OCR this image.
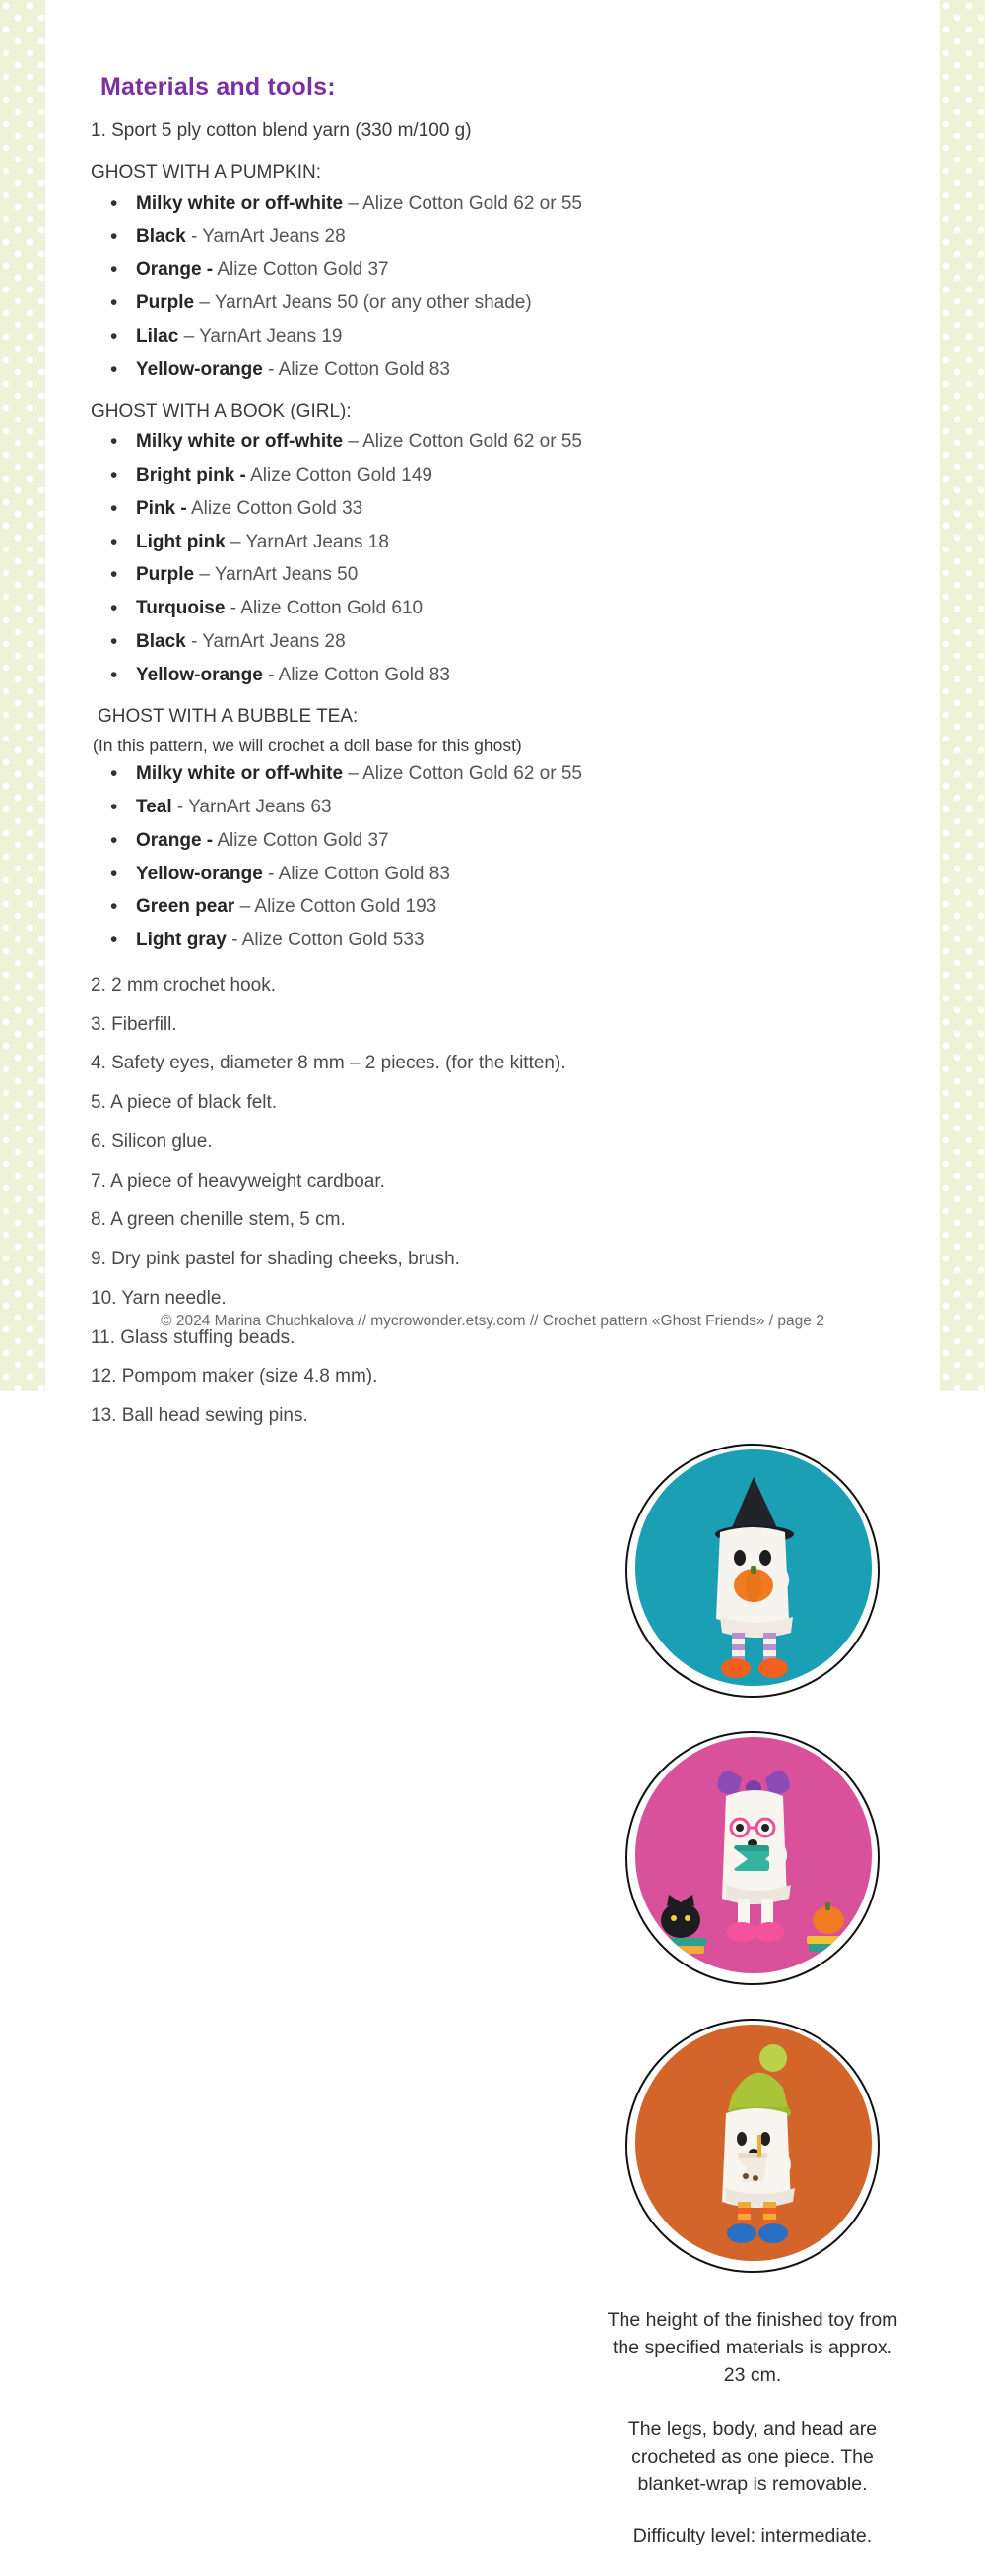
Materials and tools:
1. Sport 5 ply cotton blend yarn (330 m/100 g)
GHOST WITH A PUMPKIN:
• Milky white or off-white – Alize Cotton Gold 62 or 55
• Black - YarnArt Jeans 28
• Orange - Alize Cotton Gold 37
• Purple – YarnArt Jeans 50 (or any other shade)
• Lilac – YarnArt Jeans 19
• Yellow-orange - Alize Cotton Gold 83
GHOST WITH A BOOK (GIRL):
• Milky white or off-white – Alize Cotton Gold 62 or 55
• Bright pink - Alize Cotton Gold 149
• Pink - Alize Cotton Gold 33
• Light pink – YarnArt Jeans 18
• Purple – YarnArt Jeans 50
• Turquoise - Alize Cotton Gold 610
• Black - YarnArt Jeans 28
• Yellow-orange - Alize Cotton Gold 83
GHOST WITH A BUBBLE TEA:
(In this pattern, we will crochet a doll base for this ghost)
• Milky white or off-white – Alize Cotton Gold 62 or 55
• Teal - YarnArt Jeans 63
• Orange - Alize Cotton Gold 37
• Yellow-orange - Alize Cotton Gold 83
• Green pear – Alize Cotton Gold 193
• Light gray - Alize Cotton Gold 533
2. 2 mm crochet hook.
3. Fiberfill.
4. Safety eyes, diameter 8 mm – 2 pieces. (for the kitten).
5. A piece of black felt.
6. Silicon glue.
7. A piece of heavyweight cardboar.
8. A green chenille stem, 5 cm.
9. Dry pink pastel for shading cheeks, brush.
10. Yarn needle.
11. Glass stuffing beads.
12. Pompom maker (size 4.8 mm).
13. Ball head sewing pins.
The height of the finished toy from the specified materials is approx. 23 cm.
The legs, body, and head are crocheted as one piece. The blanket-wrap is removable.
Difficulty level: intermediate.
© 2024 Marina Chuchkalova // mycrowonder.etsy.com // Crochet pattern «Ghost Friends» / page 2
